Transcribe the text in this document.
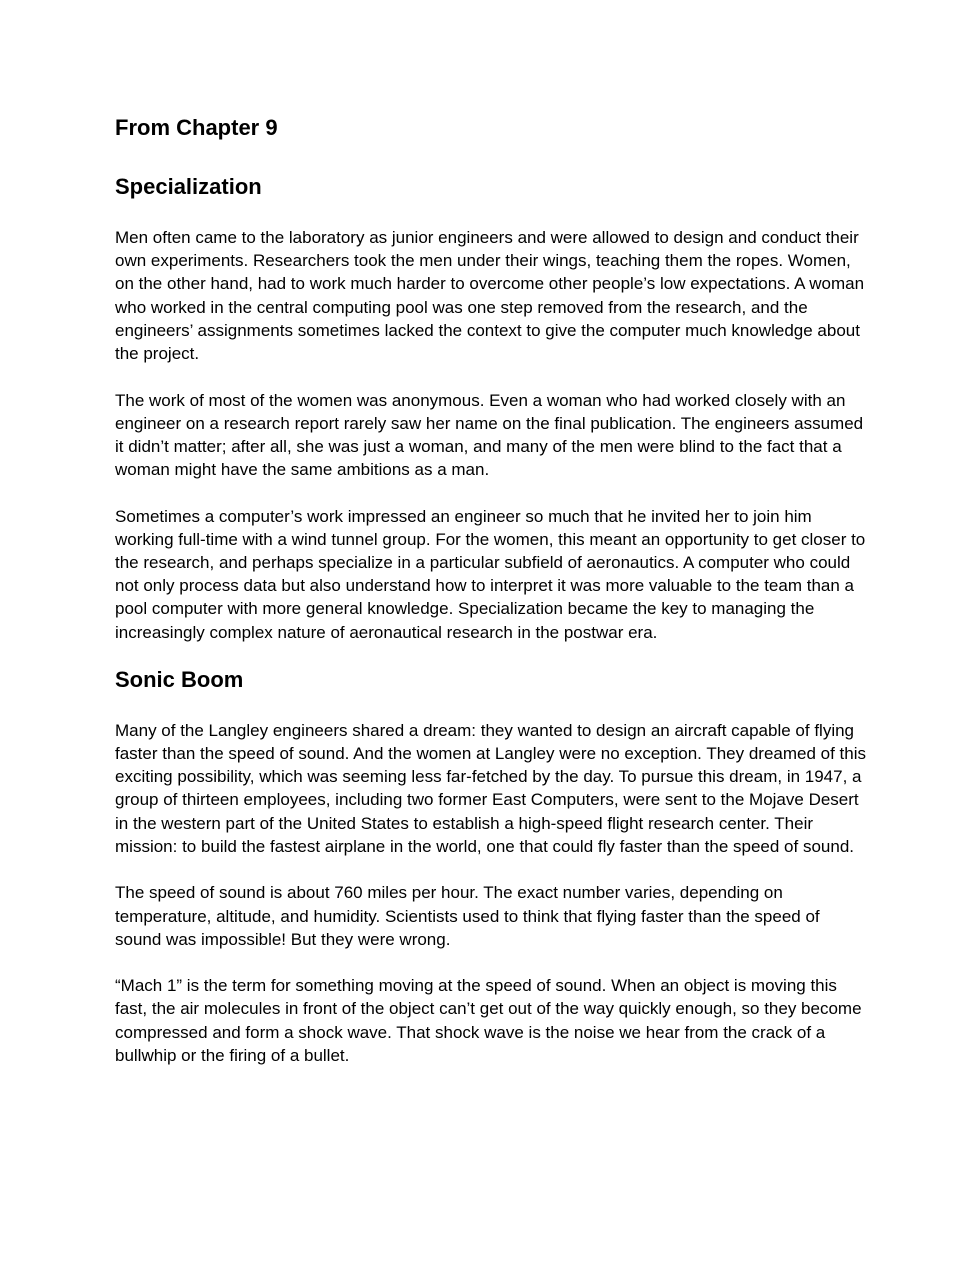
From Chapter 9
Specialization

Men often came to the laboratory as junior engineers and were allowed to design and conduct their own experiments. Researchers took the men under their wings, teaching them the ropes. Women, on the other hand, had to work much harder to overcome other people’s low expectations. A woman who worked in the central computing pool was one step removed from the research, and the engineers’ assignments sometimes lacked the context to give the computer much knowledge about the project.

The work of most of the women was anonymous. Even a woman who had worked closely with an engineer on a research report rarely saw her name on the final publication. The engineers assumed it didn’t matter; after all, she was just a woman, and many of the men were blind to the fact that a woman might have the same ambitions as a man.

Sometimes a computer’s work impressed an engineer so much that he invited her to join him working full-time with a wind tunnel group. For the women, this meant an opportunity to get closer to the research, and perhaps specialize in a particular subfield of aeronautics. A computer who could not only process data but also understand how to interpret it was more valuable to the team than a pool computer with more general knowledge. Specialization became the key to managing the increasingly complex nature of aeronautical research in the postwar era.

Sonic Boom

Many of the Langley engineers shared a dream: they wanted to design an aircraft capable of flying faster than the speed of sound. And the women at Langley were no exception. They dreamed of this exciting possibility, which was seeming less far-fetched by the day. To pursue this dream, in 1947, a group of thirteen employees, including two former East Computers, were sent to the Mojave Desert in the western part of the United States to establish a high-speed flight research center. Their mission: to build the fastest airplane in the world, one that could fly faster than the speed of sound.

The speed of sound is about 760 miles per hour. The exact number varies, depending on temperature, altitude, and humidity. Scientists used to think that flying faster than the speed of sound was impossible! But they were wrong.

“Mach 1” is the term for something moving at the speed of sound. When an object is moving this fast, the air molecules in front of the object can’t get out of the way quickly enough, so they become compressed and form a shock wave. That shock wave is the noise we hear from the crack of a bullwhip or the firing of a bullet.
